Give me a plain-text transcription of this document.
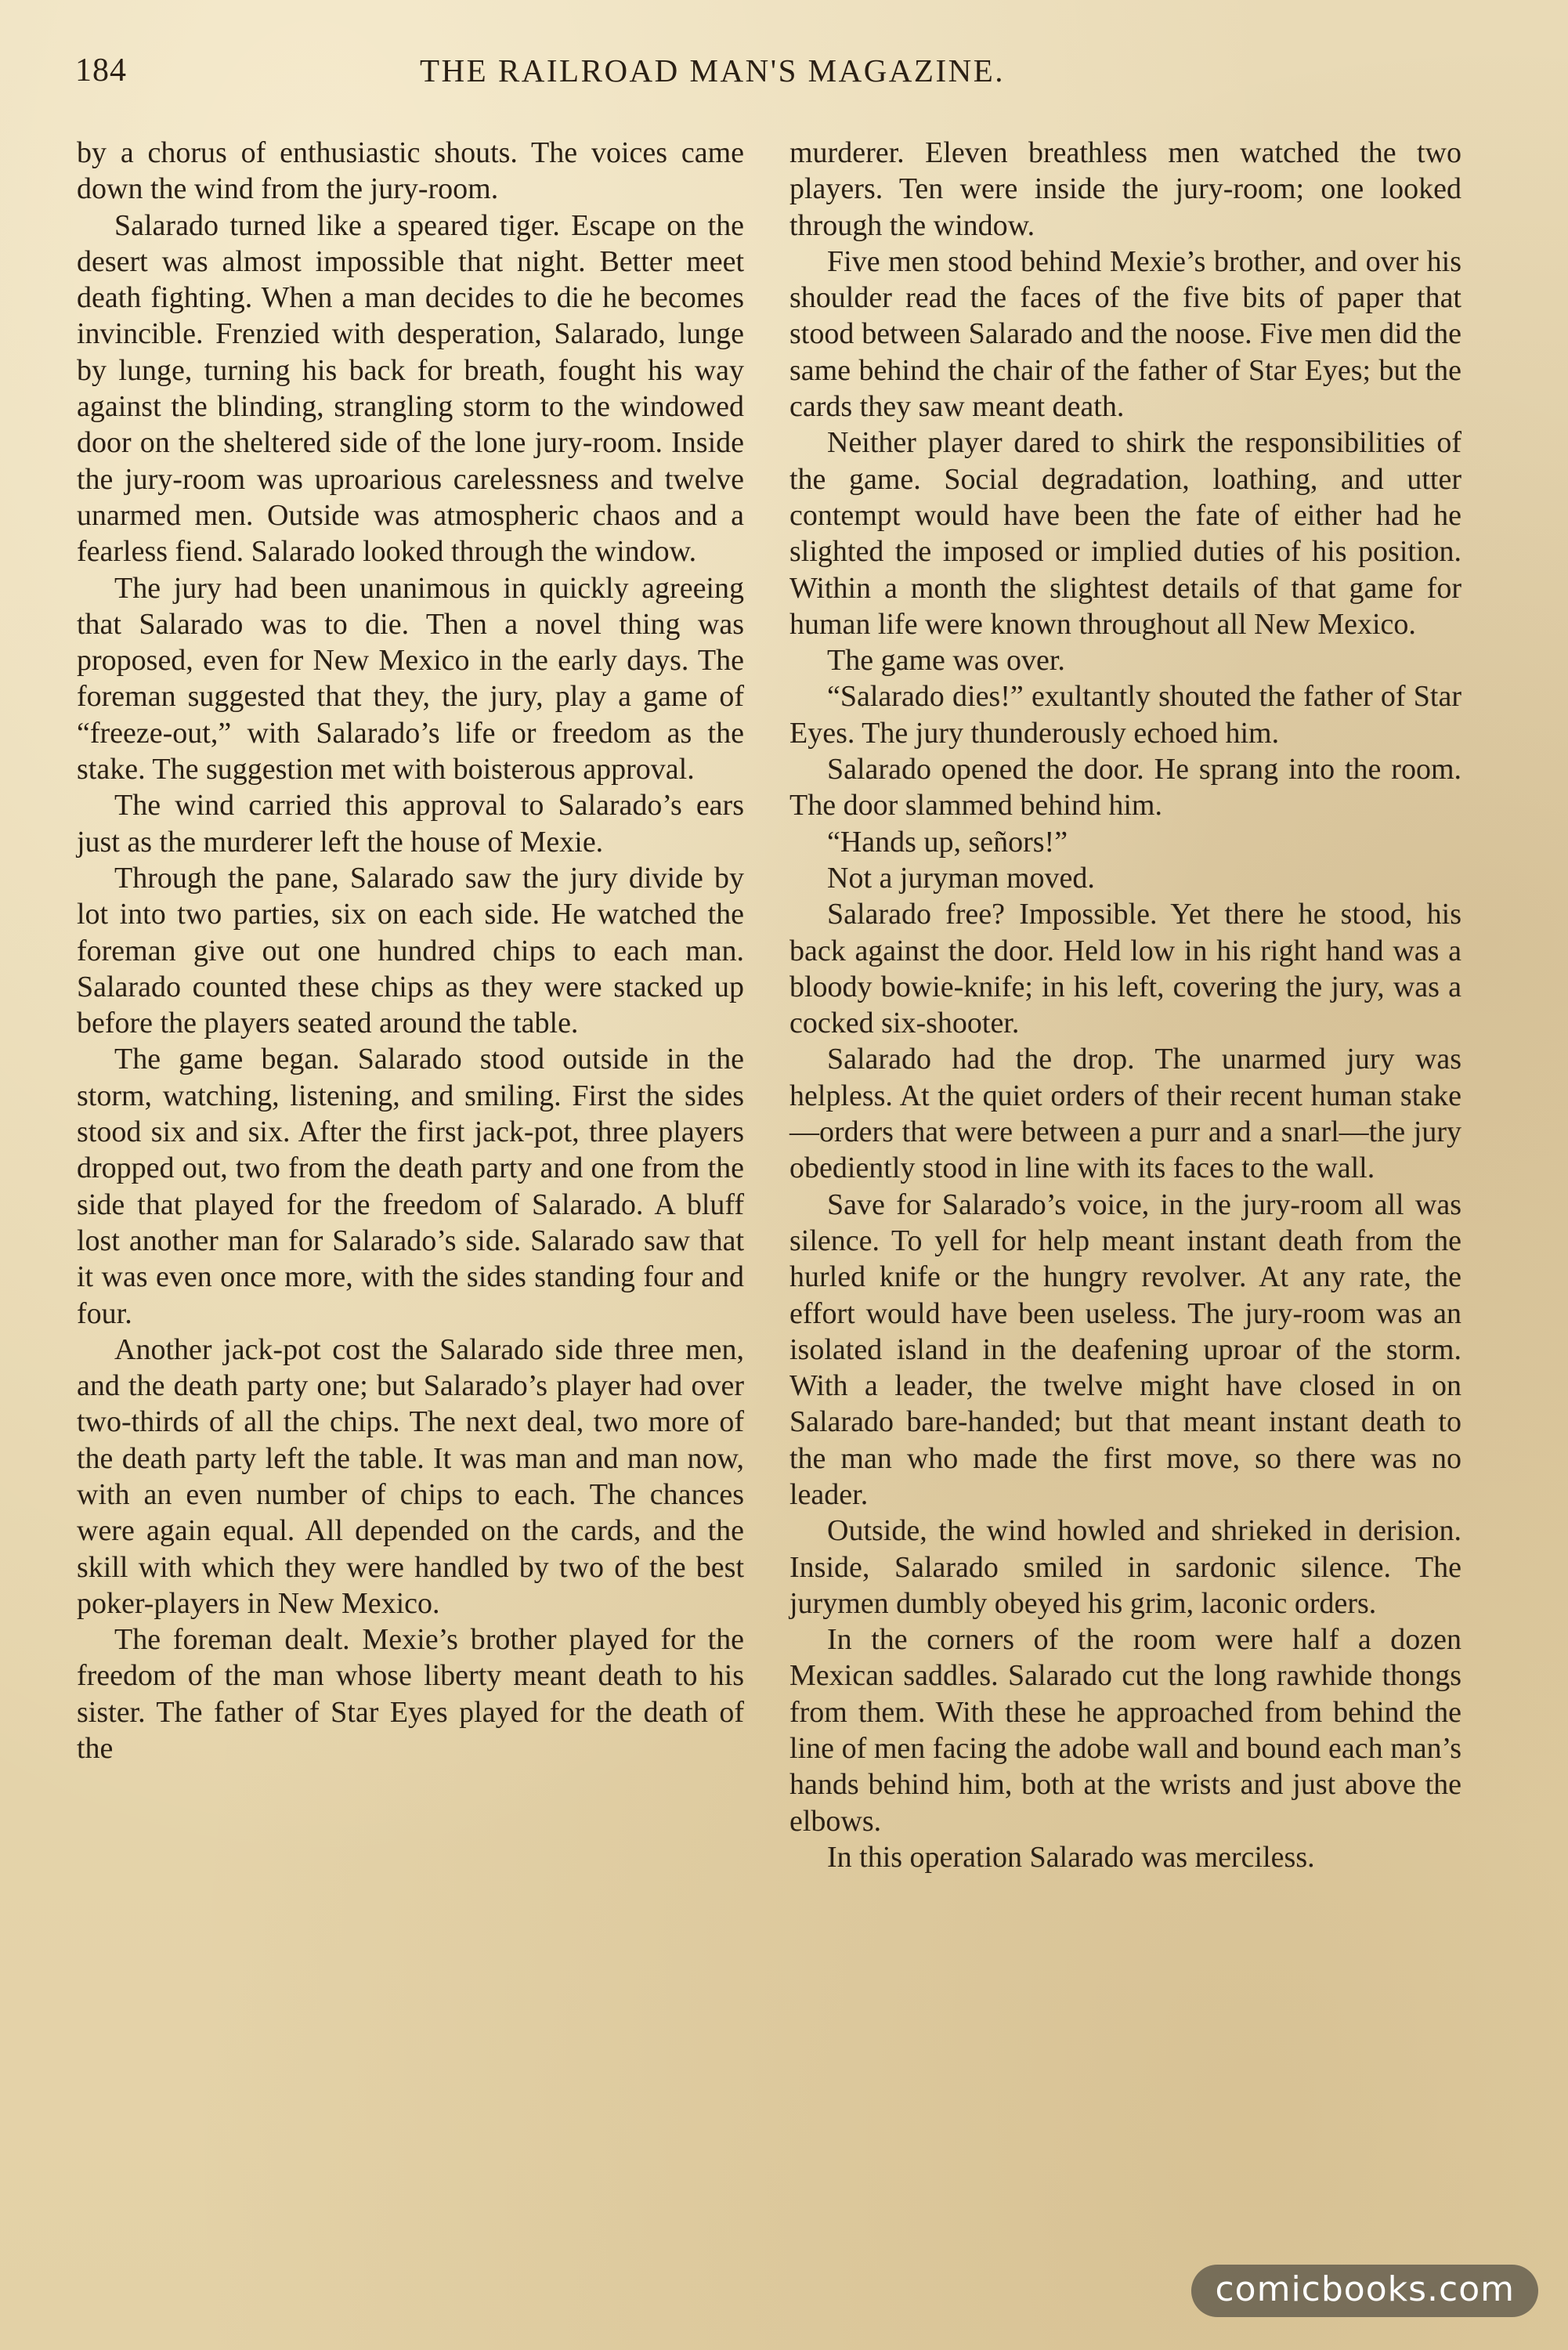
184	THE RAILROAD MAN'S MAGAZINE.

by a chorus of enthusiastic shouts. The voices came down the wind from the jury-room.

Salarado turned like a speared tiger. Escape on the desert was almost impossible that night. Better meet death fighting. When a man decides to die he becomes invincible. Frenzied with desperation, Salarado, lunge by lunge, turning his back for breath, fought his way against the blinding, strangling storm to the windowed door on the sheltered side of the lone jury-room. Inside the jury-room was uproarious carelessness and twelve unarmed men. Outside was atmospheric chaos and a fearless fiend. Salarado looked through the window.

The jury had been unanimous in quickly agreeing that Salarado was to die. Then a novel thing was proposed, even for New Mexico in the early days. The foreman suggested that they, the jury, play a game of “freeze-out,” with Salarado’s life or freedom as the stake. The suggestion met with boisterous approval.

The wind carried this approval to Salarado’s ears just as the murderer left the house of Mexie.

Through the pane, Salarado saw the jury divide by lot into two parties, six on each side. He watched the foreman give out one hundred chips to each man. Salarado counted these chips as they were stacked up before the players seated around the table.

The game began. Salarado stood outside in the storm, watching, listening, and smiling. First the sides stood six and six. After the first jack-pot, three players dropped out, two from the death party and one from the side that played for the freedom of Salarado. A bluff lost another man for Salarado’s side. Salarado saw that it was even once more, with the sides standing four and four.

Another jack-pot cost the Salarado side three men, and the death party one; but Salarado’s player had over two-thirds of all the chips. The next deal, two more of the death party left the table. It was man and man now, with an even number of chips to each. The chances were again equal. All depended on the cards, and the skill with which they were handled by two of the best poker-players in New Mexico.

The foreman dealt. Mexie’s brother played for the freedom of the man whose liberty meant death to his sister. The father of Star Eyes played for the death of the

murderer. Eleven breathless men watched the two players. Ten were inside the jury-room; one looked through the window.

Five men stood behind Mexie’s brother, and over his shoulder read the faces of the five bits of paper that stood between Salarado and the noose. Five men did the same behind the chair of the father of Star Eyes; but the cards they saw meant death.

Neither player dared to shirk the responsibilities of the game. Social degradation, loathing, and utter contempt would have been the fate of either had he slighted the imposed or implied duties of his position. Within a month the slightest details of that game for human life were known throughout all New Mexico.

The game was over.

“Salarado dies!” exultantly shouted the father of Star Eyes. The jury thunderously echoed him.

Salarado opened the door. He sprang into the room. The door slammed behind him.

“Hands up, señors!”

Not a juryman moved.

Salarado free? Impossible. Yet there he stood, his back against the door. Held low in his right hand was a bloody bowie-knife; in his left, covering the jury, was a cocked six-shooter.

Salarado had the drop. The unarmed jury was helpless. At the quiet orders of their recent human stake—orders that were between a purr and a snarl—the jury obediently stood in line with its faces to the wall.

Save for Salarado’s voice, in the jury-room all was silence. To yell for help meant instant death from the hurled knife or the hungry revolver. At any rate, the effort would have been useless. The jury-room was an isolated island in the deafening uproar of the storm. With a leader, the twelve might have closed in on Salarado bare-handed; but that meant instant death to the man who made the first move, so there was no leader.

Outside, the wind howled and shrieked in derision. Inside, Salarado smiled in sardonic silence. The jurymen dumbly obeyed his grim, laconic orders.

In the corners of the room were half a dozen Mexican saddles. Salarado cut the long rawhide thongs from them. With these he approached from behind the line of men facing the adobe wall and bound each man’s hands behind him, both at the wrists and just above the elbows.

In this operation Salarado was merciless.

comicbooks.com
